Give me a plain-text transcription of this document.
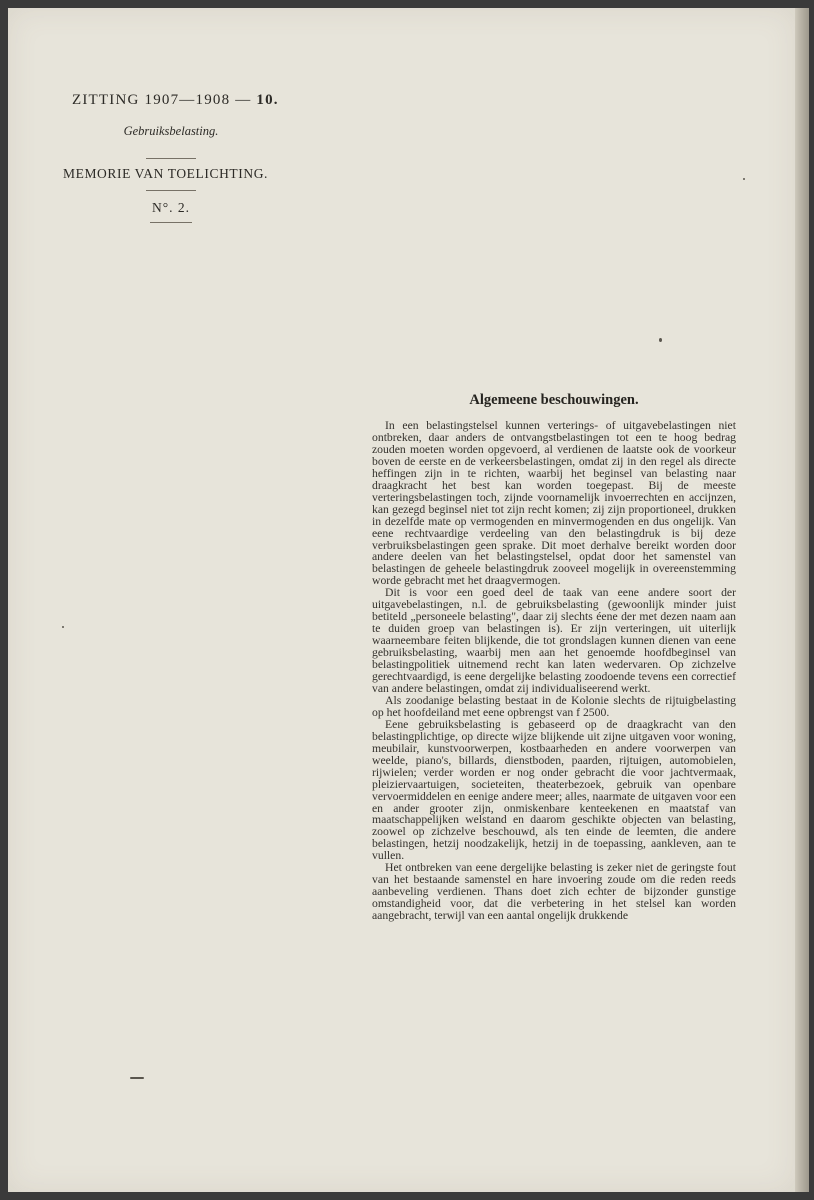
ZITTING 1907—1908 — 10.
Gebruiksbelasting.
MEMORIE VAN TOELICHTING.
N°. 2.
Algemeene beschouwingen.

In een belastingstelsel kunnen verterings- of uitgavebelastingen niet ontbreken, daar anders de ontvangstbelastingen tot een te hoog bedrag zouden moeten worden opgevoerd, al verdienen de laatste ook de voorkeur boven de eerste en de verkeersbelastingen, omdat zij in den regel als directe heffingen zijn in te richten, waarbij het beginsel van belasting naar draagkracht het best kan worden toegepast. Bij de meeste verteringsbelastingen toch, zijnde voornamelijk invoerrechten en accijnzen, kan gezegd beginsel niet tot zijn recht komen; zij zijn proportioneel, drukken in dezelfde mate op vermogenden en minvermogenden en dus ongelijk. Van eene rechtvaardige verdeeling van den belastingdruk is bij deze verbruiksbelastingen geen sprake. Dit moet derhalve bereikt worden door andere deelen van het belastingstelsel, opdat door het samenstel van belastingen de geheele belastingdruk zooveel mogelijk in overeenstemming worde gebracht met het draagvermogen.

Dit is voor een goed deel de taak van eene andere soort der uitgavebelastingen, n.l. de gebruiksbelasting (gewoonlijk minder juist betiteld „personeele belasting", daar zij slechts éene der met dezen naam aan te duiden groep van belastingen is). Er zijn verteringen, uit uiterlijk waarneembare feiten blijkende, die tot grondslagen kunnen dienen van eene gebruiksbelasting, waarbij men aan het genoemde hoofdbeginsel van belastingpolitiek uitnemend recht kan laten wedervaren. Op zichzelve gerechtvaardigd, is eene dergelijke belasting zoodoende tevens een correctief van andere belastingen, omdat zij individualiseerend werkt.

Als zoodanige belasting bestaat in de Kolonie slechts de rijtuigbelasting op het hoofdeiland met eene opbrengst van f 2500.

Eene gebruiksbelasting is gebaseerd op de draagkracht van den belastingplichtige, op directe wijze blijkende uit zijne uitgaven voor woning, meubilair, kunstvoorwerpen, kostbaarheden en andere voorwerpen van weelde, piano's, billards, dienstboden, paarden, rijtuigen, automobielen, rijwielen; verder worden er nog onder gebracht die voor jachtvermaak, pleiziervaartuigen, societeiten, theaterbezoek, gebruik van openbare vervoermiddelen en eenige andere meer; alles, naarmate de uitgaven voor een en ander grooter zijn, onmiskenbare kenteekenen en maatstaf van maatschappelijken welstand en daarom geschikte objecten van belasting, zoowel op zichzelve beschouwd, als ten einde de leemten, die andere belastingen, hetzij noodzakelijk, hetzij in de toepassing, aankleven, aan te vullen.

Het ontbreken van eene dergelijke belasting is zeker niet de geringste fout van het bestaande samenstel en hare invoering zoude om die reden reeds aanbeveling verdienen. Thans doet zich echter de bijzonder gunstige omstandigheid voor, dat die verbetering in het stelsel kan worden aangebracht, terwijl van een aantal ongelijk drukkende
